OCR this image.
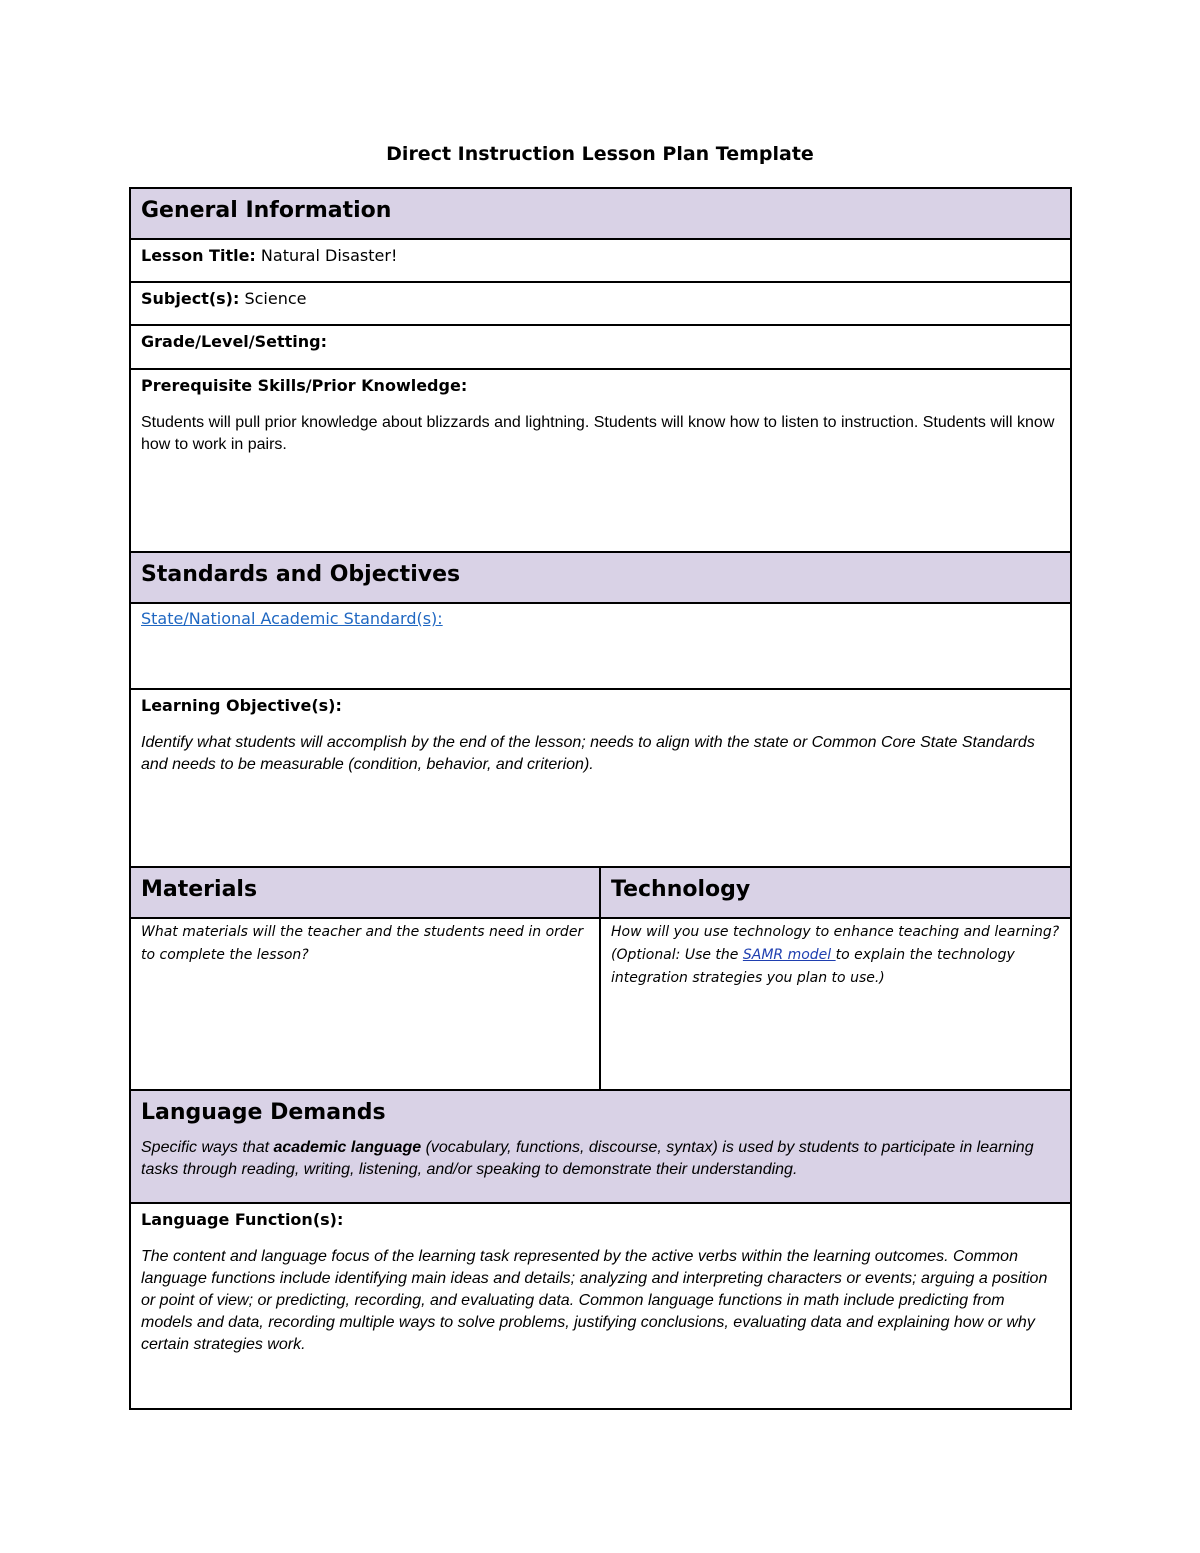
Direct Instruction Lesson Plan Template
General Information	

Lesson Title: Natural Disaster!	

Subject(s): Science	

Grade/Level/Setting:	

Prerequisite Skills/Prior Knowledge:
Students will pull prior knowledge about blizzards and lightning. Students will know how to listen to instruction. Students will know how to work in pairs.	

Standards and Objectives	

State/National Academic Standard(s):	

Learning Objective(s):
Identify what students will accomplish by the end of the lesson; needs to align with the state or Common Core State Standards and needs to be measurable (condition, behavior, and criterion).	

Materials	Technology

What materials will the teacher and the students need in order to complete the lesson?	How will you use technology to enhance teaching and learning? (Optional: Use the SAMR model to explain the technology integration strategies you plan to use.)

Language Demands
Specific ways that academic language (vocabulary, functions, discourse, syntax) is used by students to participate in learning tasks through reading, writing, listening, and/or speaking to demonstrate their understanding.	

Language Function(s):
The content and language focus of the learning task represented by the active verbs within the learning outcomes. Common language functions include identifying main ideas and details; analyzing and interpreting characters or events; arguing a position or point of view; or predicting, recording, and evaluating data. Common language functions in math include predicting from models and data, recording multiple ways to solve problems, justifying conclusions, evaluating data and explaining how or why certain strategies work.	
